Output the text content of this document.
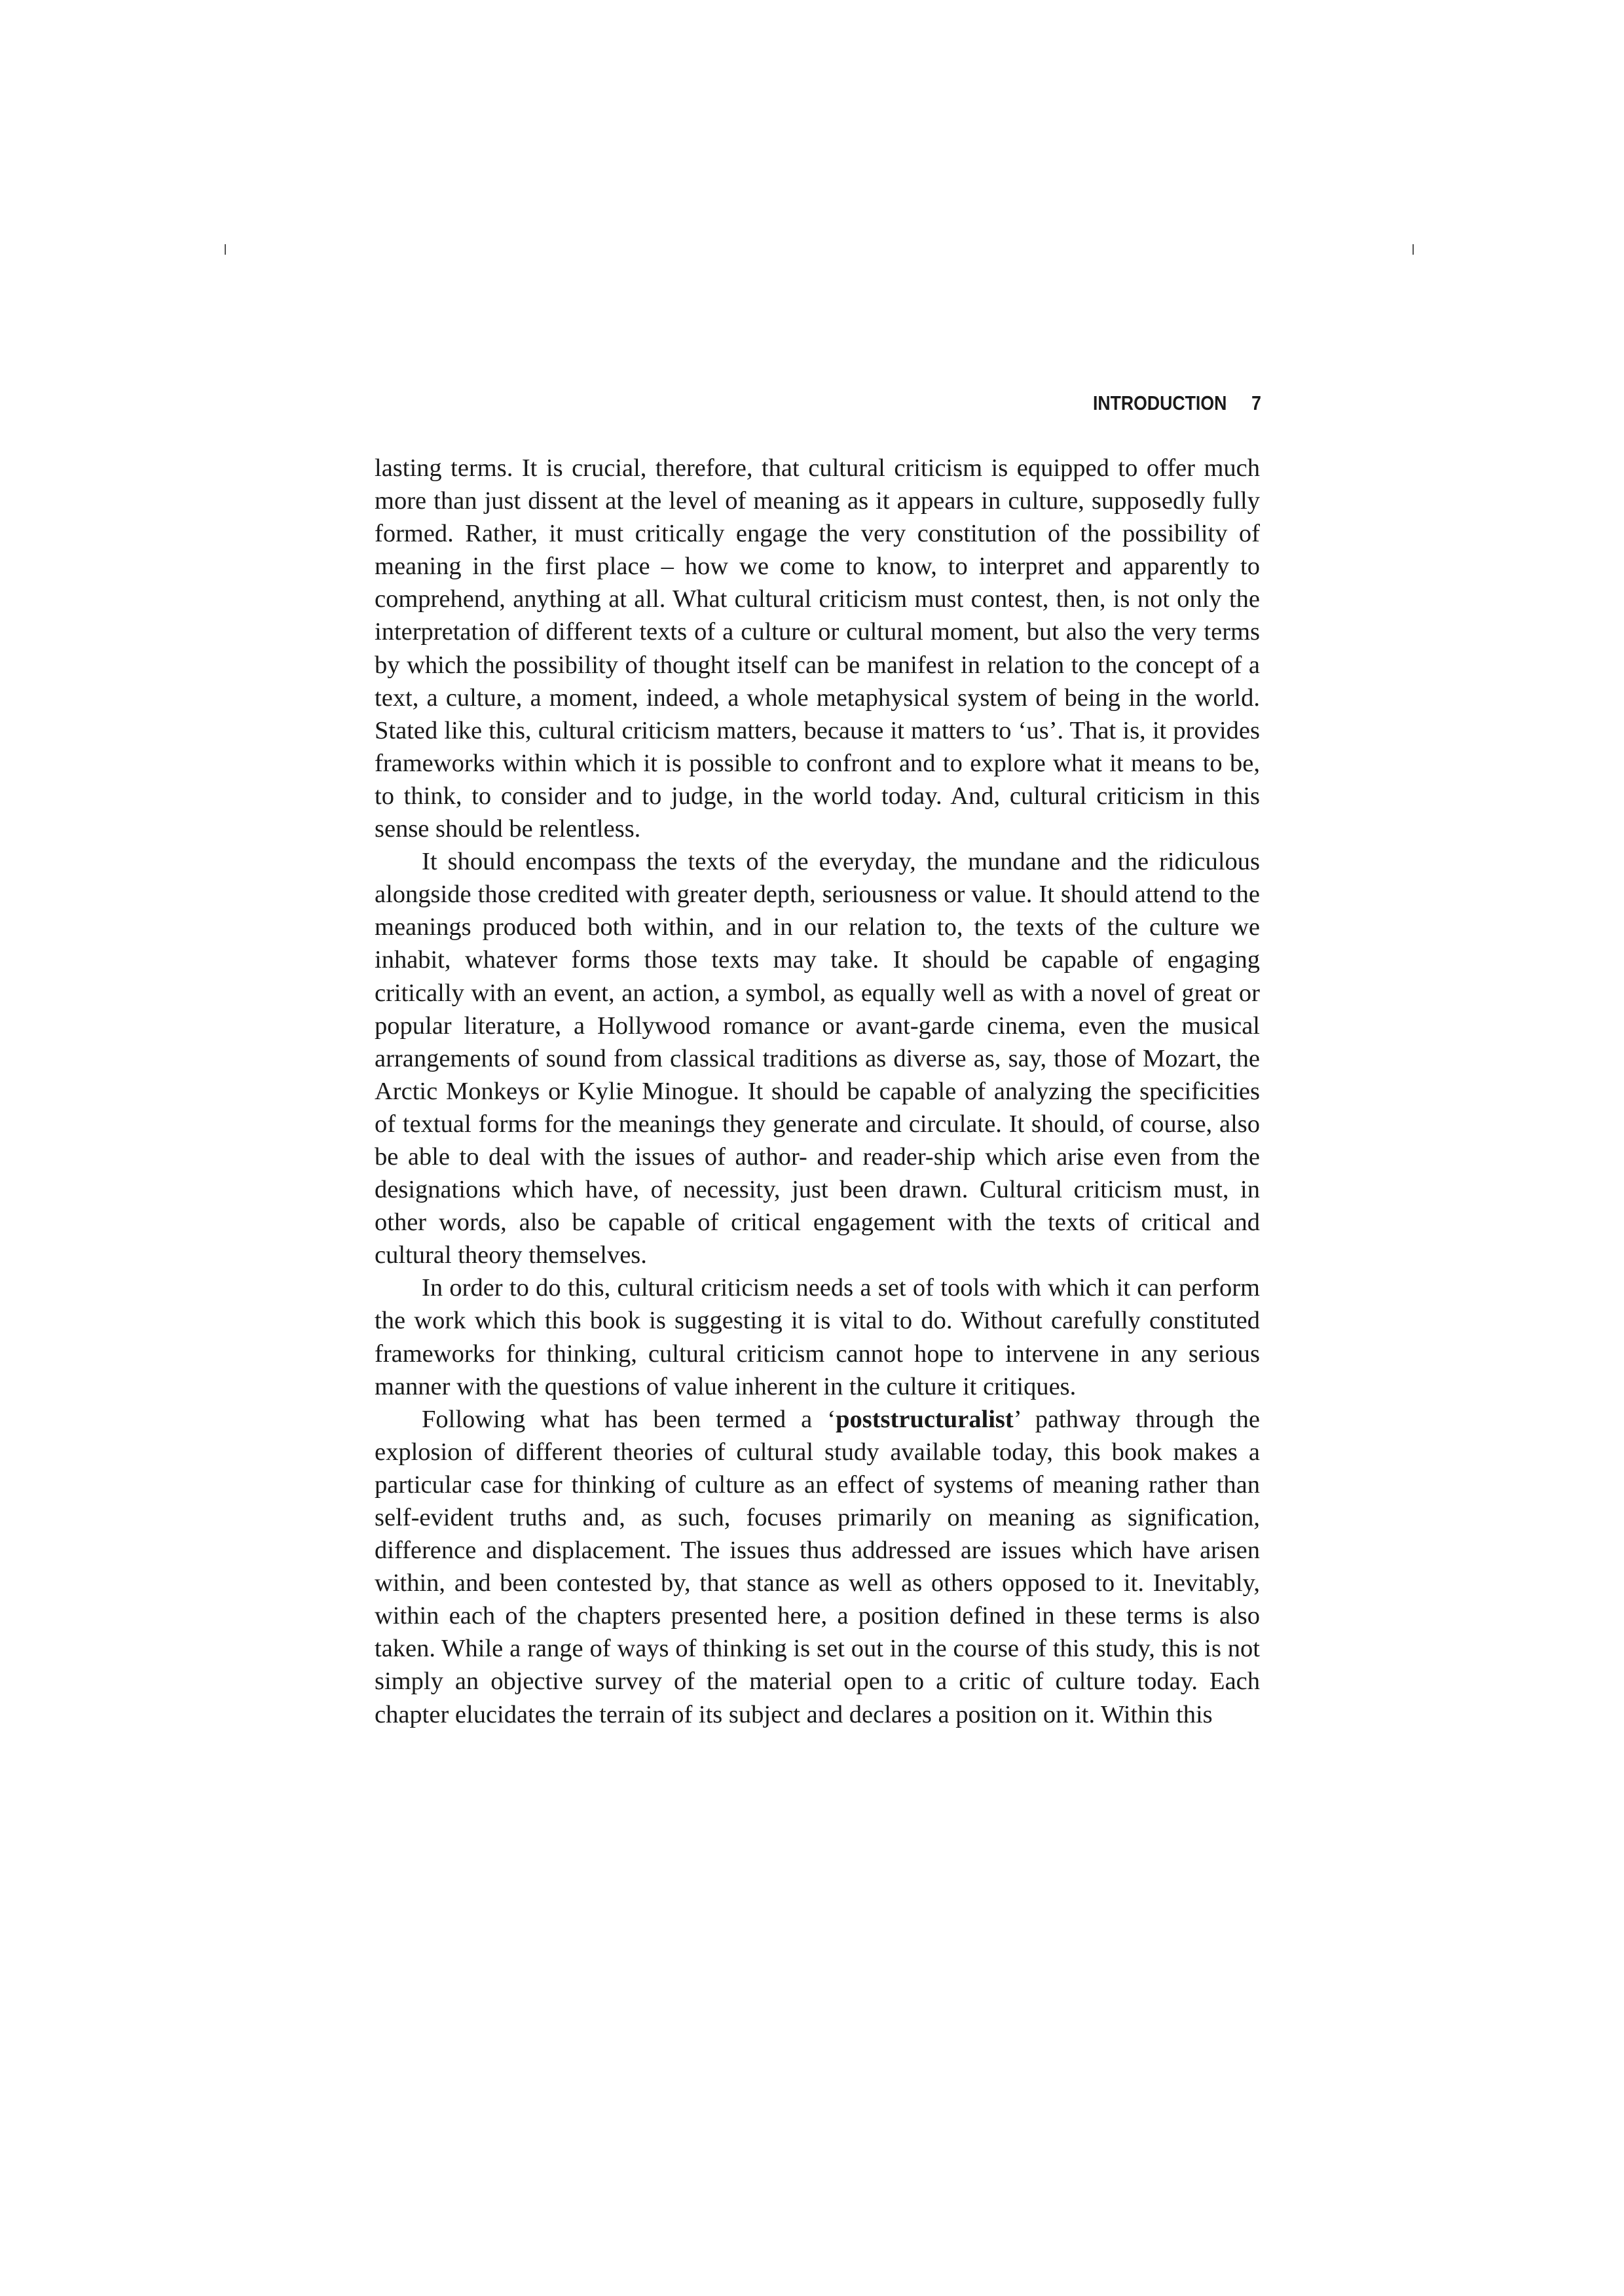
INTRODUCTION 7

lasting terms. It is crucial, therefore, that cultural criticism is equipped to offer much more than just dissent at the level of meaning as it appears in culture, supposedly fully formed. Rather, it must critically engage the very constitution of the possibility of meaning in the first place – how we come to know, to interpret and apparently to comprehend, anything at all. What cultural criticism must contest, then, is not only the interpretation of different texts of a culture or cultural moment, but also the very terms by which the possibility of thought itself can be manifest in relation to the concept of a text, a culture, a moment, indeed, a whole metaphysical system of being in the world. Stated like this, cultural criticism matters, because it matters to ‘us’. That is, it provides frameworks within which it is possible to confront and to explore what it means to be, to think, to consider and to judge, in the world today. And, cultural criticism in this sense should be relentless.

It should encompass the texts of the everyday, the mundane and the ridiculous alongside those credited with greater depth, seriousness or value. It should attend to the meanings produced both within, and in our relation to, the texts of the culture we inhabit, whatever forms those texts may take. It should be capable of engaging critically with an event, an action, a symbol, as equally well as with a novel of great or popular literature, a Hollywood romance or avant-garde cinema, even the musical arrangements of sound from classical traditions as diverse as, say, those of Mozart, the Arctic Monkeys or Kylie Minogue. It should be capable of analyzing the specificities of textual forms for the meanings they generate and circulate. It should, of course, also be able to deal with the issues of author- and reader-ship which arise even from the designations which have, of necessity, just been drawn. Cultural criticism must, in other words, also be capable of critical engagement with the texts of critical and cultural theory themselves.

In order to do this, cultural criticism needs a set of tools with which it can perform the work which this book is suggesting it is vital to do. Without carefully constituted frameworks for thinking, cultural criticism cannot hope to intervene in any serious manner with the questions of value inherent in the culture it critiques.

Following what has been termed a ‘poststructuralist’ pathway through the explosion of different theories of cultural study available today, this book makes a particular case for thinking of culture as an effect of systems of meaning rather than self-evident truths and, as such, focuses primarily on meaning as signification, difference and displacement. The issues thus addressed are issues which have arisen within, and been contested by, that stance as well as others opposed to it. Inevitably, within each of the chapters presented here, a position defined in these terms is also taken. While a range of ways of thinking is set out in the course of this study, this is not simply an objective survey of the material open to a critic of culture today. Each chapter elucidates the terrain of its subject and declares a position on it. Within this
